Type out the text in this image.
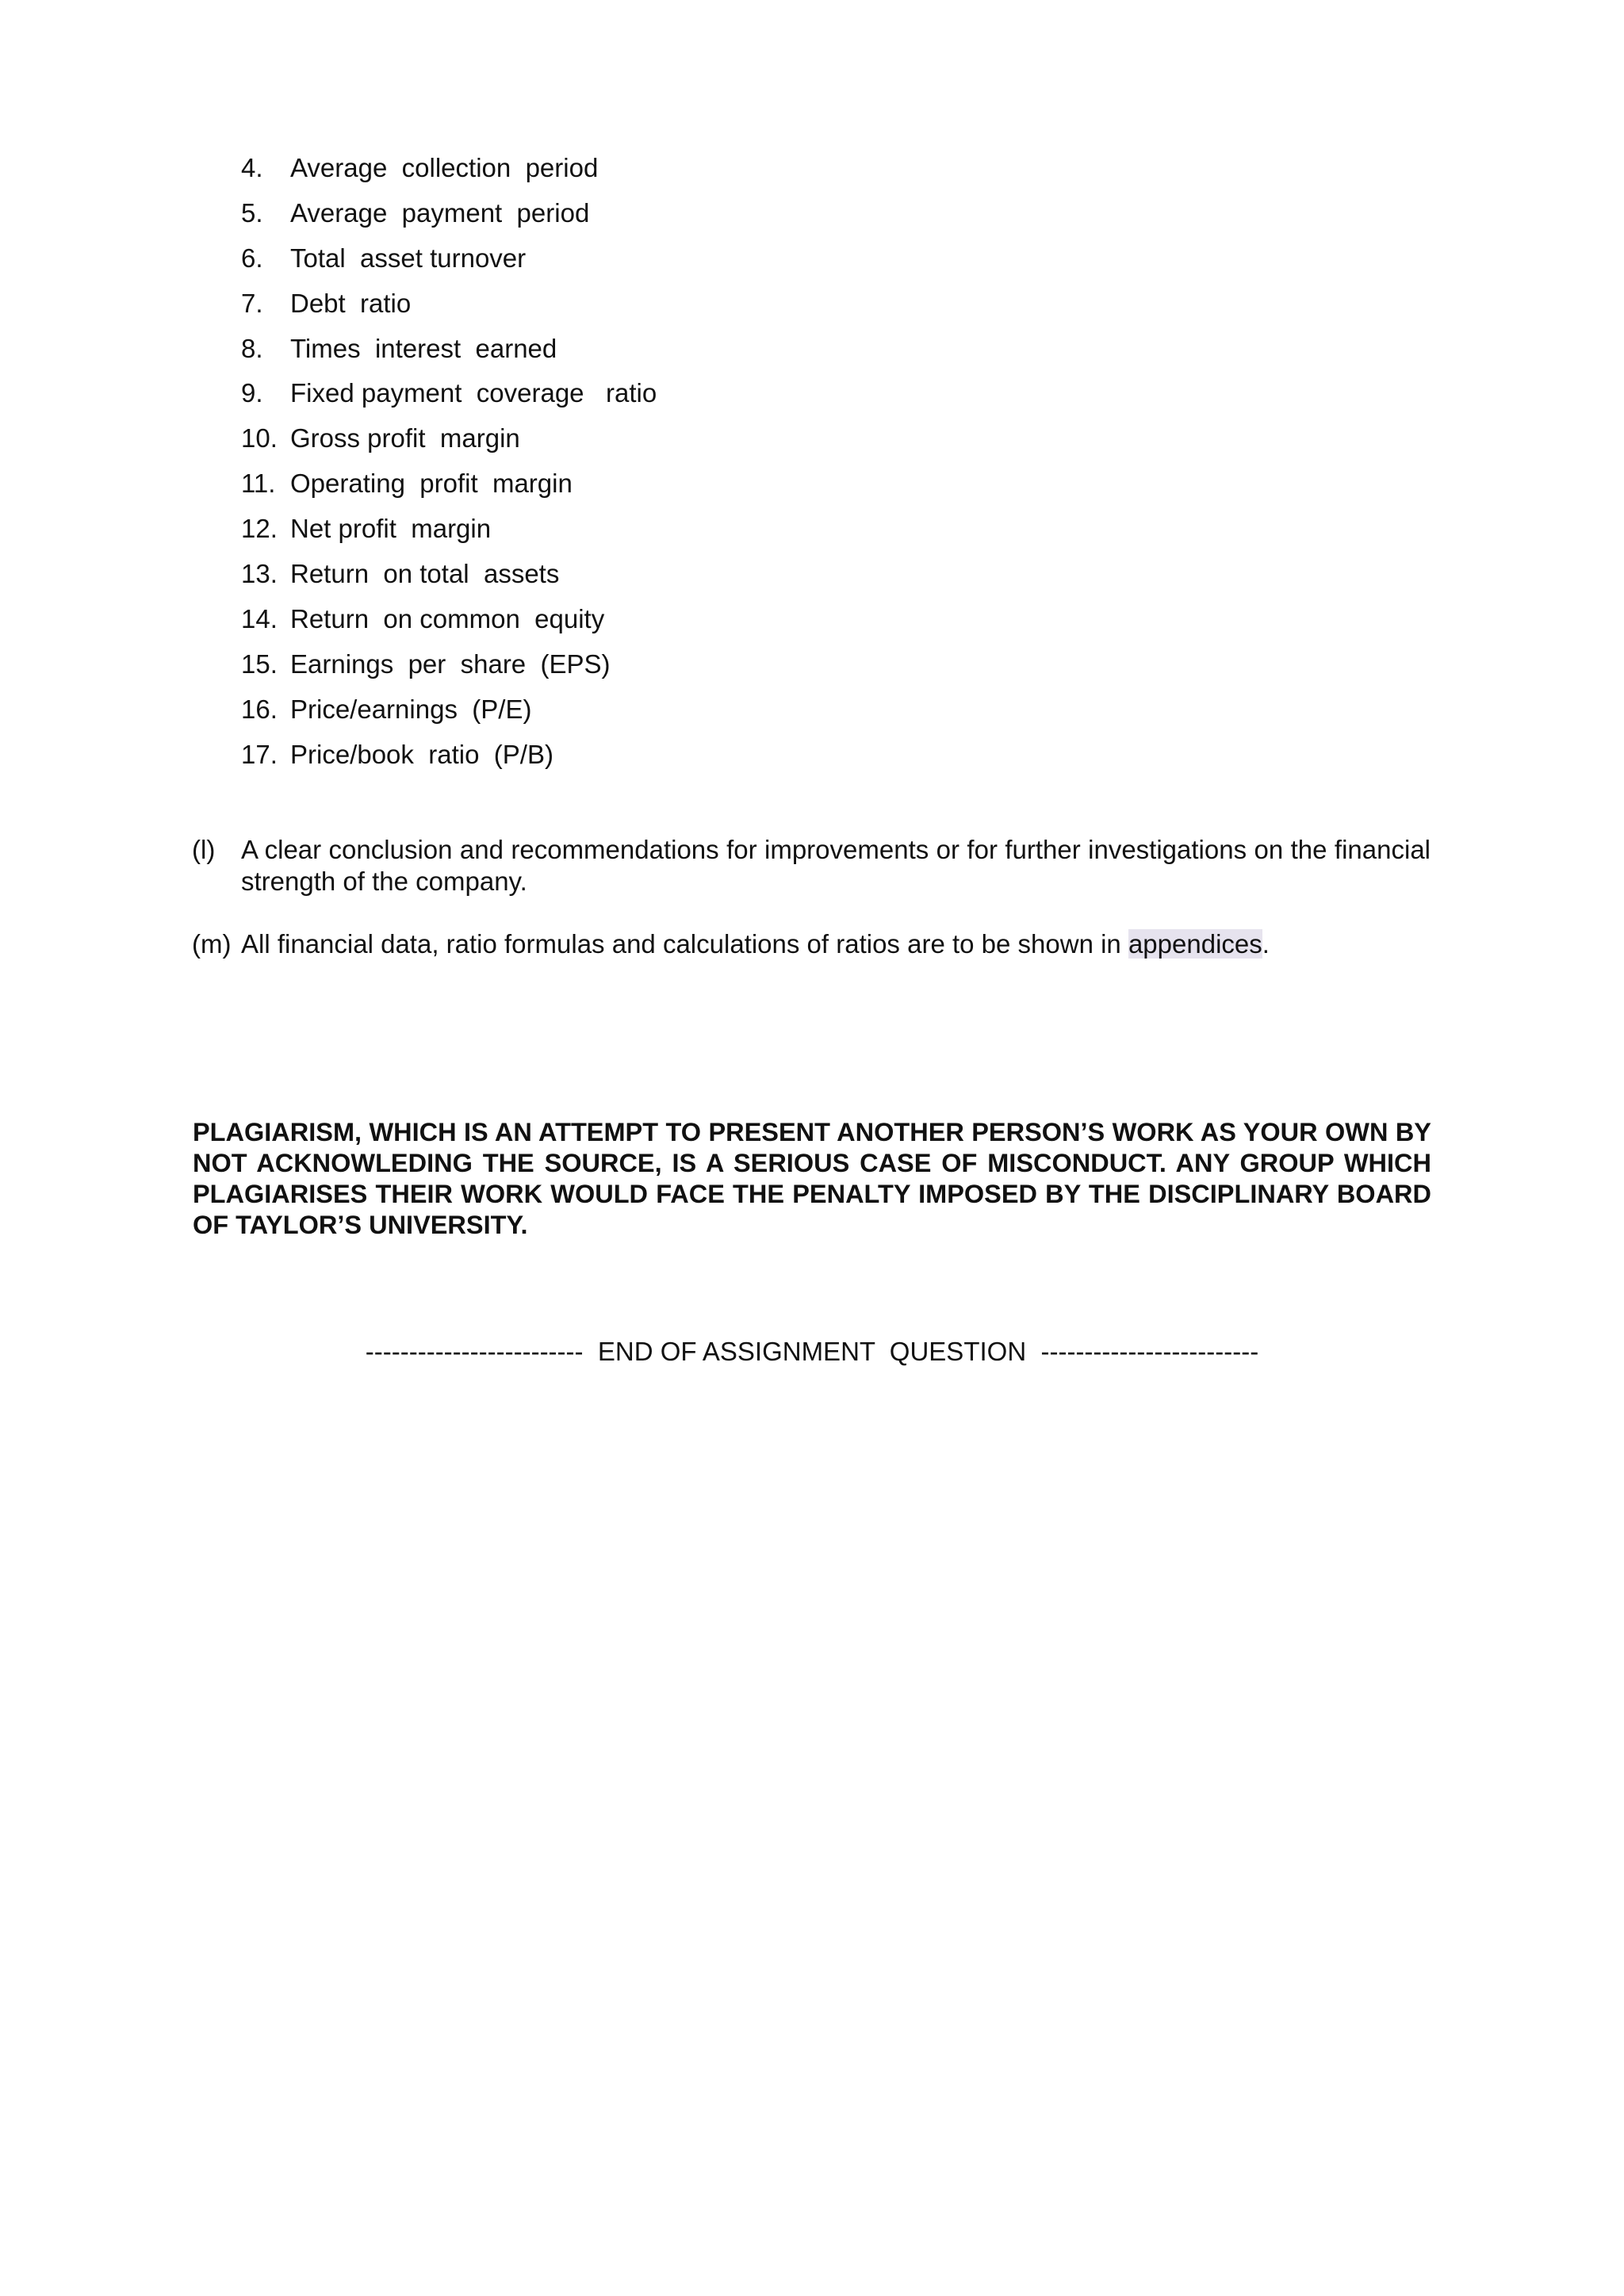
4.	Average  collection  period
5.	Average  payment  period
6.	Total  asset turnover
7.	Debt  ratio
8.	Times  interest  earned
9.	Fixed payment  coverage   ratio
10. Gross profit  margin
11. Operating  profit  margin
12. Net profit  margin
13. Return  on total  assets
14. Return  on common  equity
15. Earnings  per  share  (EPS)
16. Price/earnings  (P/E)
17. Price/book  ratio  (P/B)
(l) A clear conclusion and recommendations for improvements or for further investigations on the financial strength of the company.
(m) All financial data, ratio formulas and calculations of ratios are to be shown in appendices.
PLAGIARISM, WHICH IS AN ATTEMPT TO PRESENT ANOTHER PERSON’S WORK AS YOUR OWN BY NOT ACKNOWLEDING THE SOURCE, IS A SERIOUS CASE OF MISCONDUCT. ANY GROUP WHICH PLAGIARISES THEIR WORK WOULD FACE THE PENALTY IMPOSED BY THE DISCIPLINARY BOARD OF TAYLOR’S UNIVERSITY.
-------------------------  END OF ASSIGNMENT  QUESTION  -------------------------
